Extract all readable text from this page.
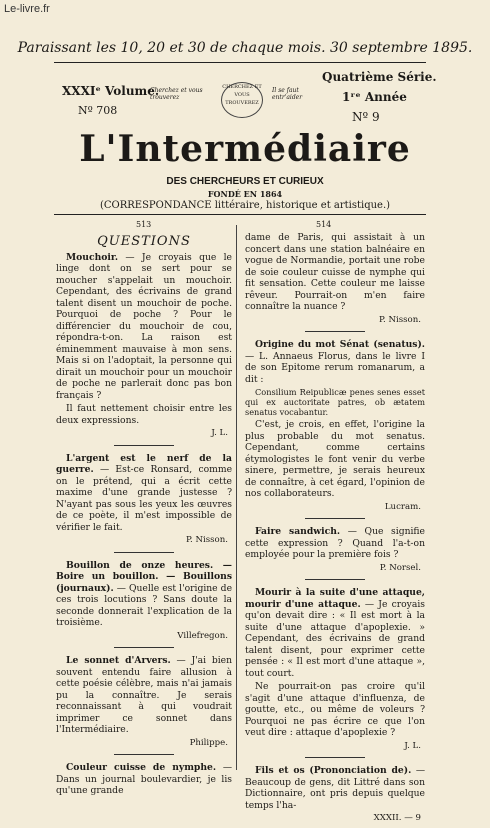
Le-livre.fr
Paraissant les 10, 20 et 30 de chaque mois. 30 septembre 1895.
XXXIᵉ Volume.
Nº 708
Cherchez et vous trouverez
CHERCHEZ ET VOUS TROUVEREZ
Il se faut entr'aider
Quatrième Série.
1ʳᵉ Année
Nº 9
L'Intermédiaire
DES CHERCHEURS ET CURIEUX
FONDÉ EN 1864
(CORRESPONDANCE littéraire, historique et artistique.)
513	514
QUESTIONS

Mouchoir. — Je croyais que le linge dont on se sert pour se moucher s'appelait un mouchoir. Cependant, des écrivains de grand talent disent un mouchoir de poche. Pourquoi de poche ? Pour le différencier du mouchoir de cou, répondra-t-on. La raison est éminemment mauvaise à mon sens. Mais si on l'adoptait, la personne qui dirait un mouchoir pour un mouchoir de poche ne parlerait donc pas bon français ?

Il faut nettement choisir entre les deux expressions.

J. L.

L'argent est le nerf de la guerre. — Est-ce Ronsard, comme on le prétend, qui a écrit cette maxime d'une grande justesse ? N'ayant pas sous les yeux les œuvres de ce poète, il m'est impossible de vérifier le fait.

P. Nisson.

Bouillon de onze heures. — Boire un bouillon. — Bouillons (journaux). — Quelle est l'origine de ces trois locutions ? Sans doute la seconde donnerait l'explication de la troisième.

Villefregon.

Le sonnet d'Arvers. — J'ai bien souvent entendu faire allusion à cette poésie célèbre, mais n'ai jamais pu la connaître. Je serais reconnaissant à qui voudrait imprimer ce sonnet dans l'Intermédiaire.

Philippe.

Couleur cuisse de nymphe. — Dans un journal boulevardier, je lis qu'une grande

dame de Paris, qui assistait à un concert dans une station balnéaire en vogue de Normandie, portait une robe de soie couleur cuisse de nymphe qui fit sensation. Cette couleur me laisse rêveur. Pourrait-on m'en faire connaître la nuance ?

P. Nisson.

Origine du mot Sénat (senatus). — L. Annaeus Florus, dans le livre I de son Epitome rerum romanarum, a dit :

Consilium Reipublicæ penes senes esset qui ex auctoritate patres, ob ætatem senatus vocabantur.

C'est, je crois, en effet, l'origine la plus probable du mot senatus. Cependant, comme certains étymologistes le font venir du verbe sinere, permettre, je serais heureux de connaître, à cet égard, l'opinion de nos collaborateurs.

Lucram.

Faire sandwich. — Que signifie cette expression ? Quand l'a-t-on employée pour la première fois ?

P. Norsel.

Mourir à la suite d'une attaque, mourir d'une attaque. — Je croyais qu'on devait dire : « Il est mort à la suite d'une attaque d'apoplexie. » Cependant, des écrivains de grand talent disent, pour exprimer cette pensée : « Il est mort d'une attaque », tout court.

Ne pourrait-on pas croire qu'il s'agit d'une attaque d'influenza, de goutte, etc., ou même de voleurs ? Pourquoi ne pas écrire ce que l'on veut dire : attaque d'apoplexie ?

J. L.

Fils et os (Prononciation de). — Beaucoup de gens, dit Littré dans son Dictionnaire, ont pris depuis quelque temps l'ha-

XXXII. — 9
